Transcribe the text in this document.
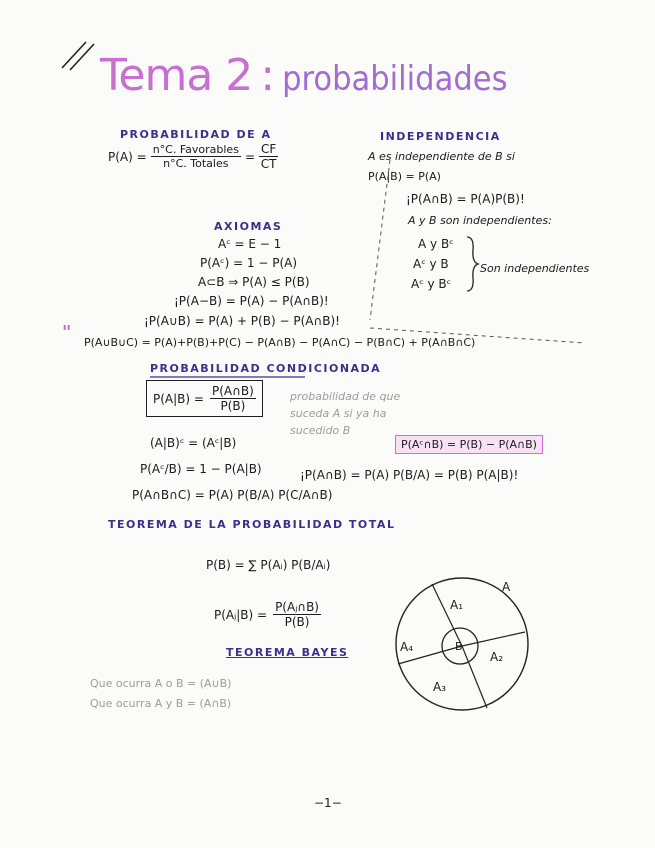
Tema 2 : probabilidades
PROBABILIDAD DE A
$P(A) = \frac{\text{n°C. Favorables}}{\text{n°C. Totales}} = \frac{CF}{CT}$
INDEPENDENCIA
A es independiente de B si
P(A|B) = P(A)
¡P(A∩B) = P(A)P(B)!
A y B son independientes:
A y Bᶜ
Aᶜ y B
Aᶜ y Bᶜ
Son independientes
AXIOMAS
Aᶜ = E − 1
P(Aᶜ) = 1 − P(A)
A⊂B ⇒ P(A) ≤ P(B)
¡P(A−B) = P(A) − P(A∩B)!
¡P(A∪B) = P(A) + P(B) − P(A∩B)!
" P(A∪B∪C) = P(A)+P(B)+P(C) − P(A∩B) − P(A∩C) − P(B∩C) + P(A∩B∩C)
PROBABILIDAD CONDICIONADA
$P(A|B) = \frac{P(A\cap B)}{P(B)}$	probabilidad de que
suceda A si ya ha
sucedido B
(A|B)ᶜ = (Aᶜ|B)	P(Aᶜ∩B) = P(B) − P(A∩B)
P(Aᶜ/B) = 1 − P(A|B)	¡P(A∩B) = P(A) P(B/A) = P(B) P(A|B)!
P(A∩B∩C) = P(A) P(B/A) P(C/A∩B)
TEOREMA DE LA PROBABILIDAD TOTAL
P(B) = ∑ P(Aᵢ) P(B/Aᵢ)
P(Aⱼ|B) = $\frac{\text{P(Aⱼ∩B)}}{P(B)}$
TEOREMA BAYES
Que ocurra A o B = (A∪B)
Que ocurra A y B = (A∩B)
A
A₁
A₂
A₃
A₄	B
−1−
